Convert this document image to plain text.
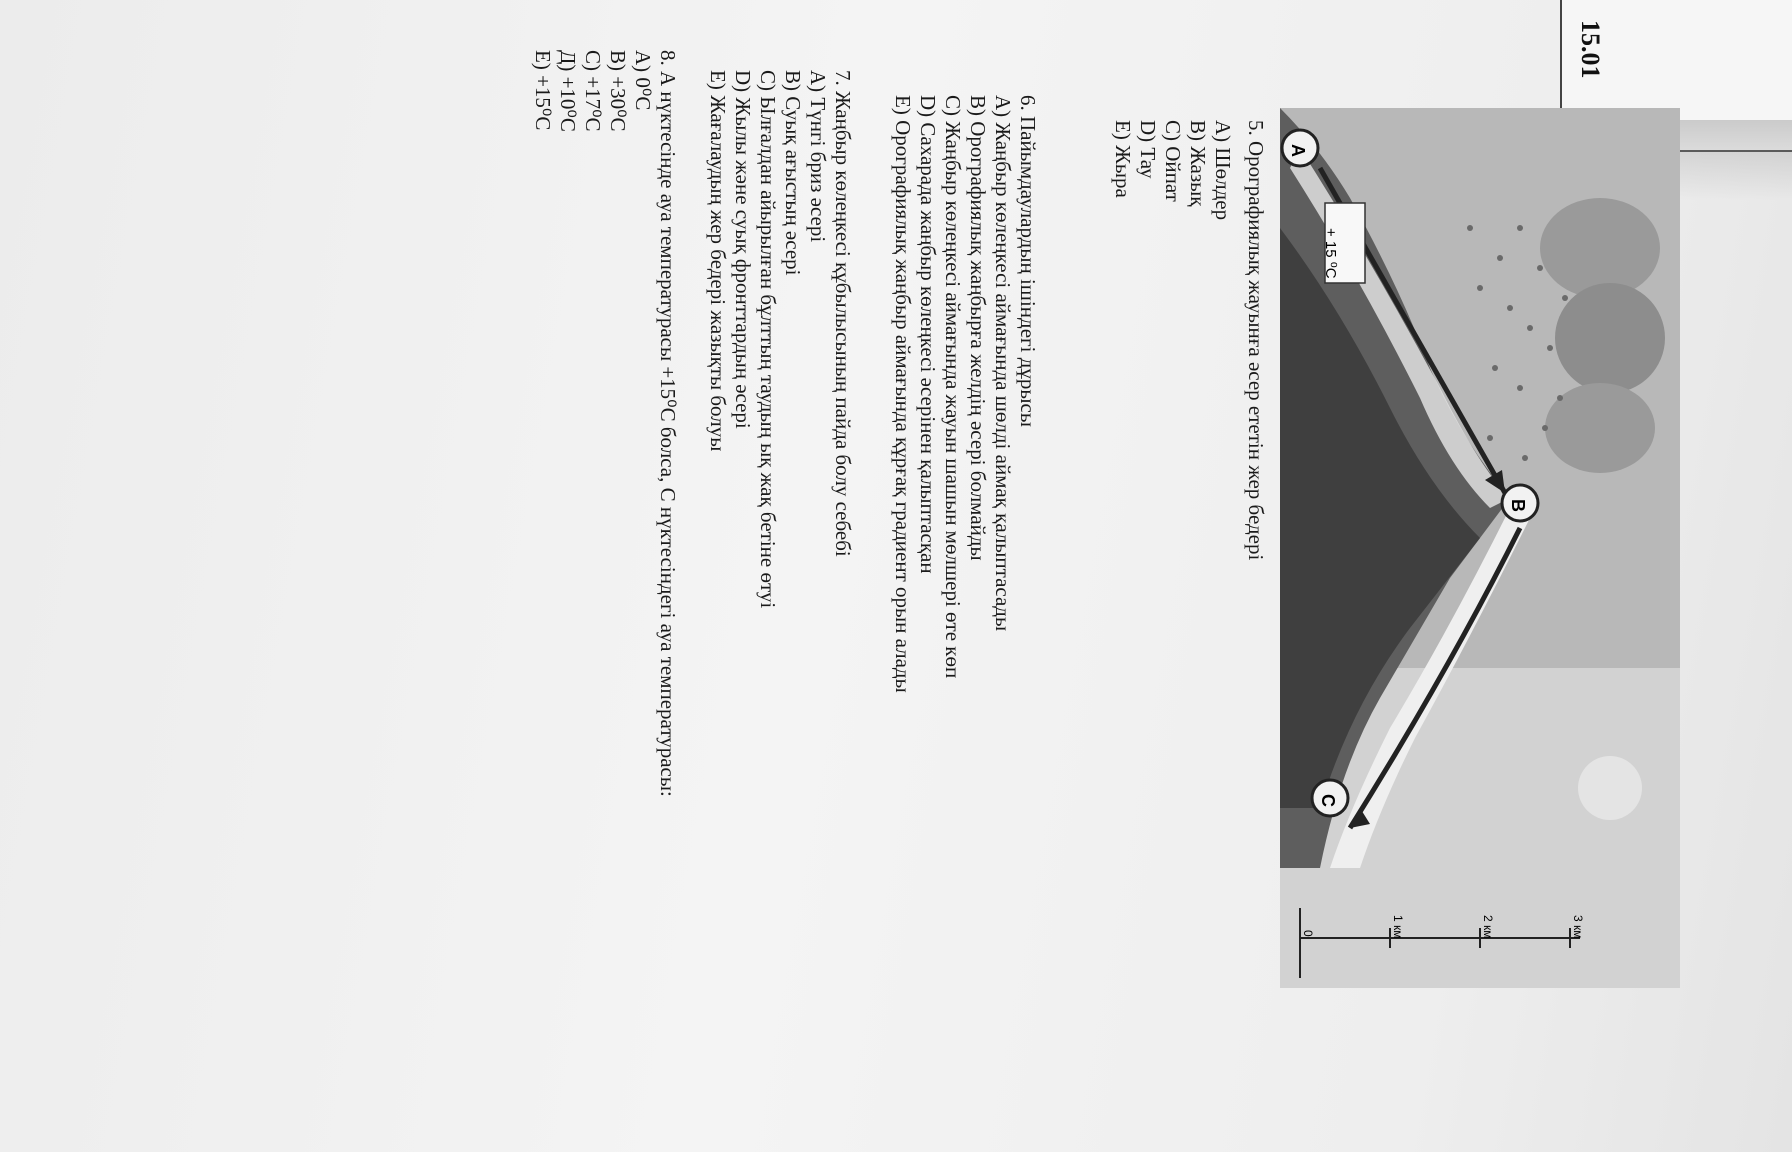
15.01
A
B
C
+ 15 ⁰C
0	1 км	2 км	3 км
5. Орографиялық жауынға әсер ететін жер бедері
А) Шөлдер
В) Жазық
С) Ойпат
D) Тау
Е) Жыра
6. Пайымдаулардың ішіндегі дұрысы
А) Жаңбыр көлеңкесі аймағында шөлді аймақ қалыптасады
В) Орографиялық жаңбырға желдің әсері болмайды
С) Жаңбыр көлеңкесі аймағында жауын шашын мөлшері өте көп
D) Сахарада жаңбыр көлеңкесі әсерінен қалыптасқан
Е) Орографиялық жаңбыр аймағында құрғақ градиент орын алады
7. Жаңбыр көлеңкесі құбылысының пайда болу себебі
А) Түнгі бриз әсері
В) Суық ағыстың әсері
С) Ылғалдан айырылған бұлттың таудың ық жақ бетіне өтуі
D) Жылы және суық фронттардың әсері
Е) Жағалаудың жер бедері жазықты болуы
8. А нүктесінде ауа температурасы +15⁰С болса, С нүктесіндегі ауа температурасы:
А) 0⁰С
В) +30⁰С
С) +17⁰С
Д) +10⁰С
Е) +15⁰С
